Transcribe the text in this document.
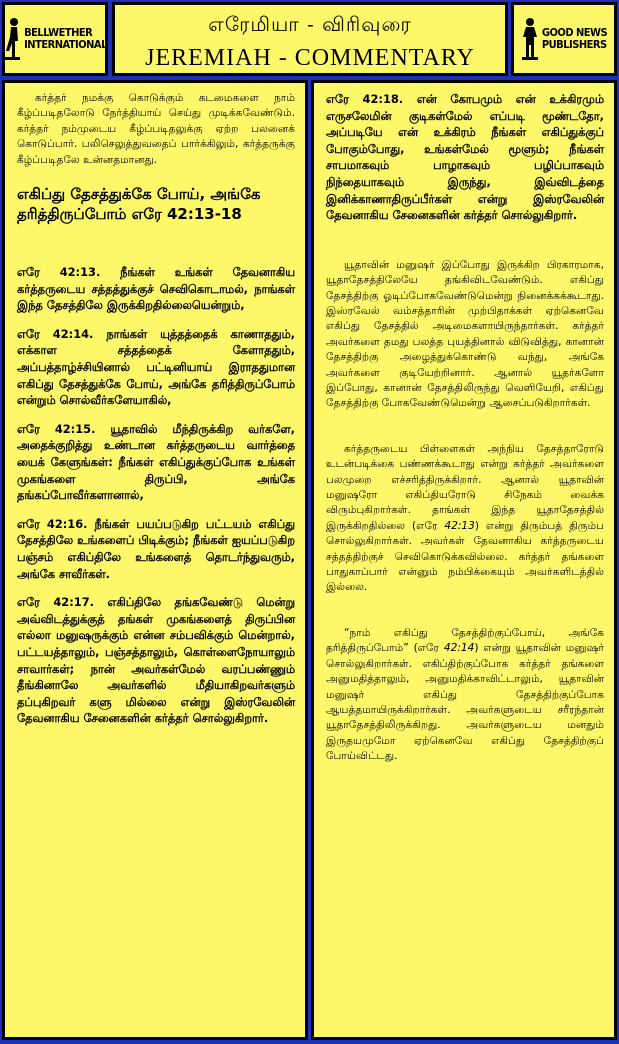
BELLWETHER
INTERNATIONAL
எரேமியா - விரிவுரை
JEREMIAH - COMMENTARY
GOOD NEWS
PUBLISHERS

கர்த்தர் நமக்கு கொடுக்கும் கடமைகளை நாம் கீழ்ப்படிதலோடு நேர்த்தியாய் செய்து முடிக்கவேண்டும். கர்த்தர் நம்முடைய கீழ்ப்படிதலுக்கு ஏற்ற பலனைக் கொடுப்பார். பலிசெலுத்துவதைப் பார்க்கிலும், கர்த்தருக்கு கீழ்ப்படிதலே உன்னதமானது.

எகிப்து தேசத்துக்கே போய், அங்கே தரித்திருப்போம் எரே 42:13-18

எரே 42:13. நீங்கள் உங்கள் தேவனாகிய கர்த்தருடைய சத்தத்துக்குச் செவிகொடாமல், நாங்கள் இந்த தேசத்திலே இருக்கிறதில்லையென்றும்,

எரே 42:14. நாங்கள் யுத்தத்தைக் காணாததும், எக்காள சத்தத்தைக் கேளாததும், அப்பத்தாழ்ச்சியினால் பட்டினியாய் இராததுமான எகிப்து தேசத்துக்கே போய், அங்கே தரித்திருப்போம் என்றும் சொல்வீர்களேயாகில்,

எரே 42:15. யூதாவில் மீந்திருக்கிற வர்களே, அதைக்குறித்து உண்டான கர்த்தருடைய வார்த்தை யைக் கேளுங்கள்: நீங்கள் எகிப்துக்குப்போக உங்கள் முகங்களை திருப்பி, அங்கே தங்கப்போவீர்களானால்,

எரே 42:16. நீங்கள் பயப்படுகிற பட்டயம் எகிப்து தேசத்திலே உங்களைப் பிடிக்கும்; நீங்கள் ஐயப்படுகிற பஞ்சம் எகிப்திலே உங்களைத் தொடர்ந்துவரும், அங்கே சாவீர்கள்.

எரே 42:17. எகிப்திலே தங்கவேண்டு மென்று அவ்விடத்துக்குத் தங்கள் முகங்களைத் திருப்பின எல்லா மனுஷருக்கும் என்ன சம்பவிக்கும் மென்றால், பட்டயத்தாலும், பஞ்சத்தாலும், கொள்ளைநோயாலும் சாவார்கள்; நான் அவர்கள்மேல் வரப்பண்ணும் தீங்கினாலே அவர்களில் மீதியாகிறவர்களும் தப்புகிறவர் களு மில்லை என்று இஸ்ரவேலின் தேவனாகிய சேனைகளின் கர்த்தர் சொல்லுகிறார்.

எரே 42:18. என் கோபமும் என் உக்கிரமும் எருசலேமின் குடிகள்மேல் எப்படி மூண்டதோ, அப்படியே என் உக்கிரம் நீங்கள் எகிப்துக்குப் போகும்போது, உங்கள்மேல் மூளும்; நீங்கள் சாபமாகவும் பாழாகவும் பழிப்பாகவும் நிந்தையாகவும் இருந்து, இவ்விடத்தை இனிக்காணாதிருப்பீர்கள் என்று இஸ்ரவேலின் தேவனாகிய சேனைகளின் கர்த்தர் சொல்லுகிறார்.

யூதாவின் மனுஷர் இப்போது இருக்கிற பிரகாரமாக, யூதாதேசத்திலேயே தங்கிவிடவேண்டும். எகிப்து தேசத்திற்கு ஓடிப்போகவேண்டுமென்று நினைக்கக்கூடாது. இஸ்ரவேல் வம்சத்தாரின் முற்பிதாக்கள் ஏற்கெனவே எகிப்து தேசத்தில் அடிமைகளாயிருந்தார்கள். கர்த்தர் அவர்களை தமது பலத்த புயத்தினால் விடுவித்து, கானான் தேசத்திற்கு அழைத்துக்கொண்டு வந்து, அங்கே அவர்களை குடியேற்றினார். ஆனால் யூதர்களோ இப்போது, கானான் தேசத்திலிருந்து வெளியேறி, எகிப்து தேசத்திற்கு போகவேண்டுமென்று ஆசைப்படுகிறார்கள்.

கர்த்தருடைய பிள்ளைகள் அந்நிய தேசத்தாரோடு உடன்படிக்கை பண்ணக்கூடாது என்று கர்த்தர் அவர்களை பலமுறை எச்சரித்திருக்கிறார். ஆனால் யூதாவின் மனுஷரோ எகிப்தியரோடு சிநேகம் வைக்க விரும்புகிறார்கள். தாங்கள் இந்த யூதாதேசத்தில் இருக்கிறதில்லை (எரே 42:13) என்று திரும்பத் திரும்ப சொல்லுகிறார்கள். அவர்கள் தேவனாகிய கர்த்தருடைய சத்தத்திற்குச் செவிகொடுக்கவில்லை. கர்த்தர் தங்களை பாதுகாப்பார் என்னும் நம்பிக்கையும் அவர்களிடத்தில் இல்லை.

“நாம் எகிப்து தேசத்திற்குப்போய், அங்கே தரித்திருப்போம்” (எரே 42:14) என்று யூதாவின் மனுஷர் சொல்லுகிறார்கள். எகிப்திற்குப்போக கர்த்தர் தங்களை அனுமதித்தாலும், அனுமதிக்காவிட்டாலும், யூதாவின் மனுஷர் எகிப்து தேசத்திற்குப்போக ஆயத்தமாயிருக்கிறார்கள். அவர்களுடைய சரீரந்தான் யூதாதேசத்திலிருக்கிறது. அவர்களுடைய மனதும் இருதயமுமோ ஏற்கெனவே எகிப்து தேசத்திற்குப் போய்விட்டது.
